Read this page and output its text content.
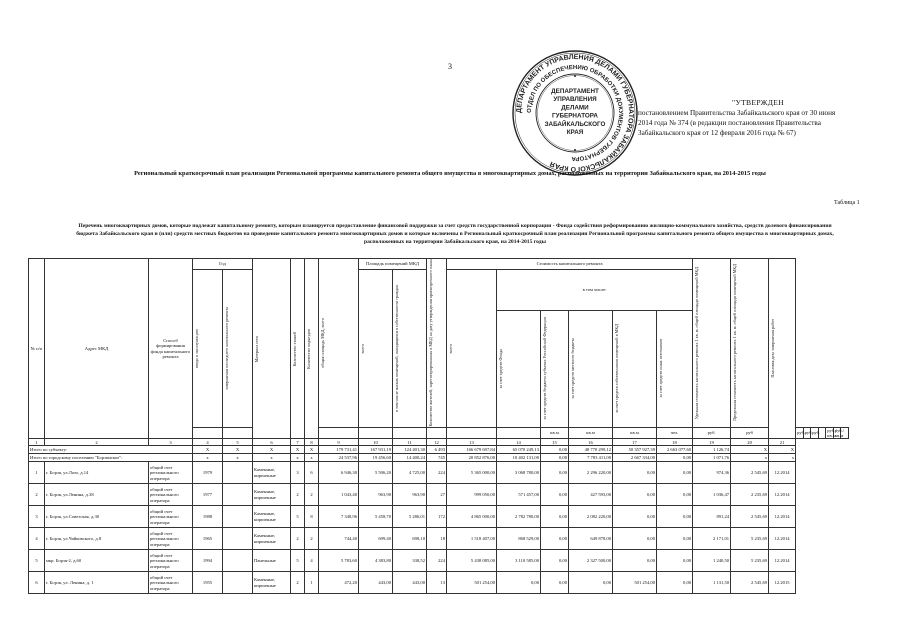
3
ДЕПАРТАМЕНТ УПРАВЛЕНИЯ ДЕЛАМИ ГУБЕРНАТОРА ЗАБАЙКАЛЬСКОГО КРАЯ
ОТДЕЛ ПО ОБЕСПЕЧЕНИЮ ОБРАБОТКИ ДОКУМЕНТОВ ГУБЕРНАТОРА
ДЕПАРТАМЕНТ
УПРАВЛЕНИЯ
ДЕЛАМИ
ГУБЕРНАТОРА
ЗАБАЙКАЛЬСКОГО
КРАЯ
"УТВЕРЖДЕН
постановлением Правительства Забайкальского края от 30 июня
2014 года № 374 (в редакции постановления Правительства
Забайкальского края от 12 февраля 2016 года № 67)
Региональный краткосрочный план реализации Региональной программы капитального ремонта общего имущества в многоквартирных домах, расположенных на территории Забайкальского края, на 2014-2015 годы
Таблица 1
Перечень многоквартирных домов, которые подлежат капитальному ремонту, которым планируется предоставление финансовой поддержки за счет средств государственной корпорации - Фонда содействия реформированию жилищно-коммунального хозяйства, средств долевого финансирования бюджета Забайкальского края и (или) средств местных бюджетов на проведение капитального ремонта многоквартирных домов и которые включены в Региональный краткосрочный план реализации Региональной программы капитального ремонта общего имущества в многоквартирных домах, расположенных на территории Забайкальского края, на 2014-2015 годы
№ п/п	Адрес МКД	Способ формирования фонда капитального ремонта	Год		Материал стен	Количество этажей	Количество подъездов	общая площадь МКД, всего	Площадь помещений МКД		Количество жителей, зарегистрированных в МКД на дату утверждения краткосрочного плана	Стоимость капитального ремонта						Удельная стоимость капитального ремонта 1 кв. м. общей площади помещений МКД	Предельная стоимость капитального ремонта 1 кв. м. общей площади помещений МКД	Плановая дата завершения работ							

			ввода в эксплуатацию	завершения последнего капитального ремонта					всего	в том числе жилых помещений, находящихся в собственности граждан		всего	в том числе:														

													за счет средств Фонда	за счет средств бюджета субъекта Российской Федерации	за счет средств местного бюджета	за счет средств собственников помещений в МКД	за счет средств иных источников										

														кв.м	кв.м	кв.м	чел.	руб.	руб		руб.	руб.	руб.		руб./кв.м	руб./кв.м	
1	2	3	4	5	6	7	8	9	10	11	12	13	14	15	16	17	18	19	20	21							
Итого по субъекту:			X	X	X	X	X	179 731,41	167 931,19	124 401,30	6 493	166 679 697,84	65 070 249,13	0,00	48 770 299,12	50 357 927,39	2 663 077,60	1 126,74	X	X							
Итого по городскому поселению "Борзинское":			x	x	x	x	x	24 537,96	19 456,60	14 400,24	745	20 852 876,00	10 402 131,00	0,00	7 783 411,00	2 667 334,00	0,00	1 071,76	x	x							
1	г. Борзя, ул.Лазо, д.14	общий счет регионального оператора	1979		Каменные, кирпичные	3	6	6 946,30	5 506,20	4 725,00	224	5 365 000,00	3 068 780,00	0,00	2 296 220,00	0,00	0,00	974,36	2 545,69	12.2014							
2	г. Борзя, ул.Ленина, д.38	общий счет регионального оператора	1977		Каменные, кирпичные	2	2	1 043,40	963,90	963,90	27	999 050,00	571 457,00	0,00	427 593,00	0,00	0,00	1 036,47	2 235,69	12.2014							
3	г. Борзя, ул.Советская, д.30	общий счет регионального оператора	1988		Каменные, кирпичные	5	8	7 348,96	5 458,70	5 286,01	172	4 865 000,00	2 782 780,00	0,00	2 082 220,00	0,00	0,00	891,24	2 545,69	12.2014							
4	г. Борзя, ул.Чайковского, д.8	общий счет регионального оператора	1965		Каменные, кирпичные	2	2	744,40	699,40	698,10	18	1 518 407,00	868 529,00	0,00	649 878,00	0,00	0,00	2 171,01	5 235,69	12.2014							
5	мкр. Борзя-2, д.60	общий счет регионального оператора	1994		Панельные	5	4	5 783,60	4 383,80	338,52	224	5 438 085,00	3 110 585,00	0,00	2 327 500,00	0,00	0,00	1 240,50	5 235,69	12.2014							
6	г. Борзя, ул. Ленина, д. 1	общий счет регионального оператора	1955		Каменные, кирпичные	2	1	472,20	443,00	443,00	13	501 254,00	0,00	0,00	0,00	501 254,00	0,00	1 131,50	2 545,69	12.2015							
